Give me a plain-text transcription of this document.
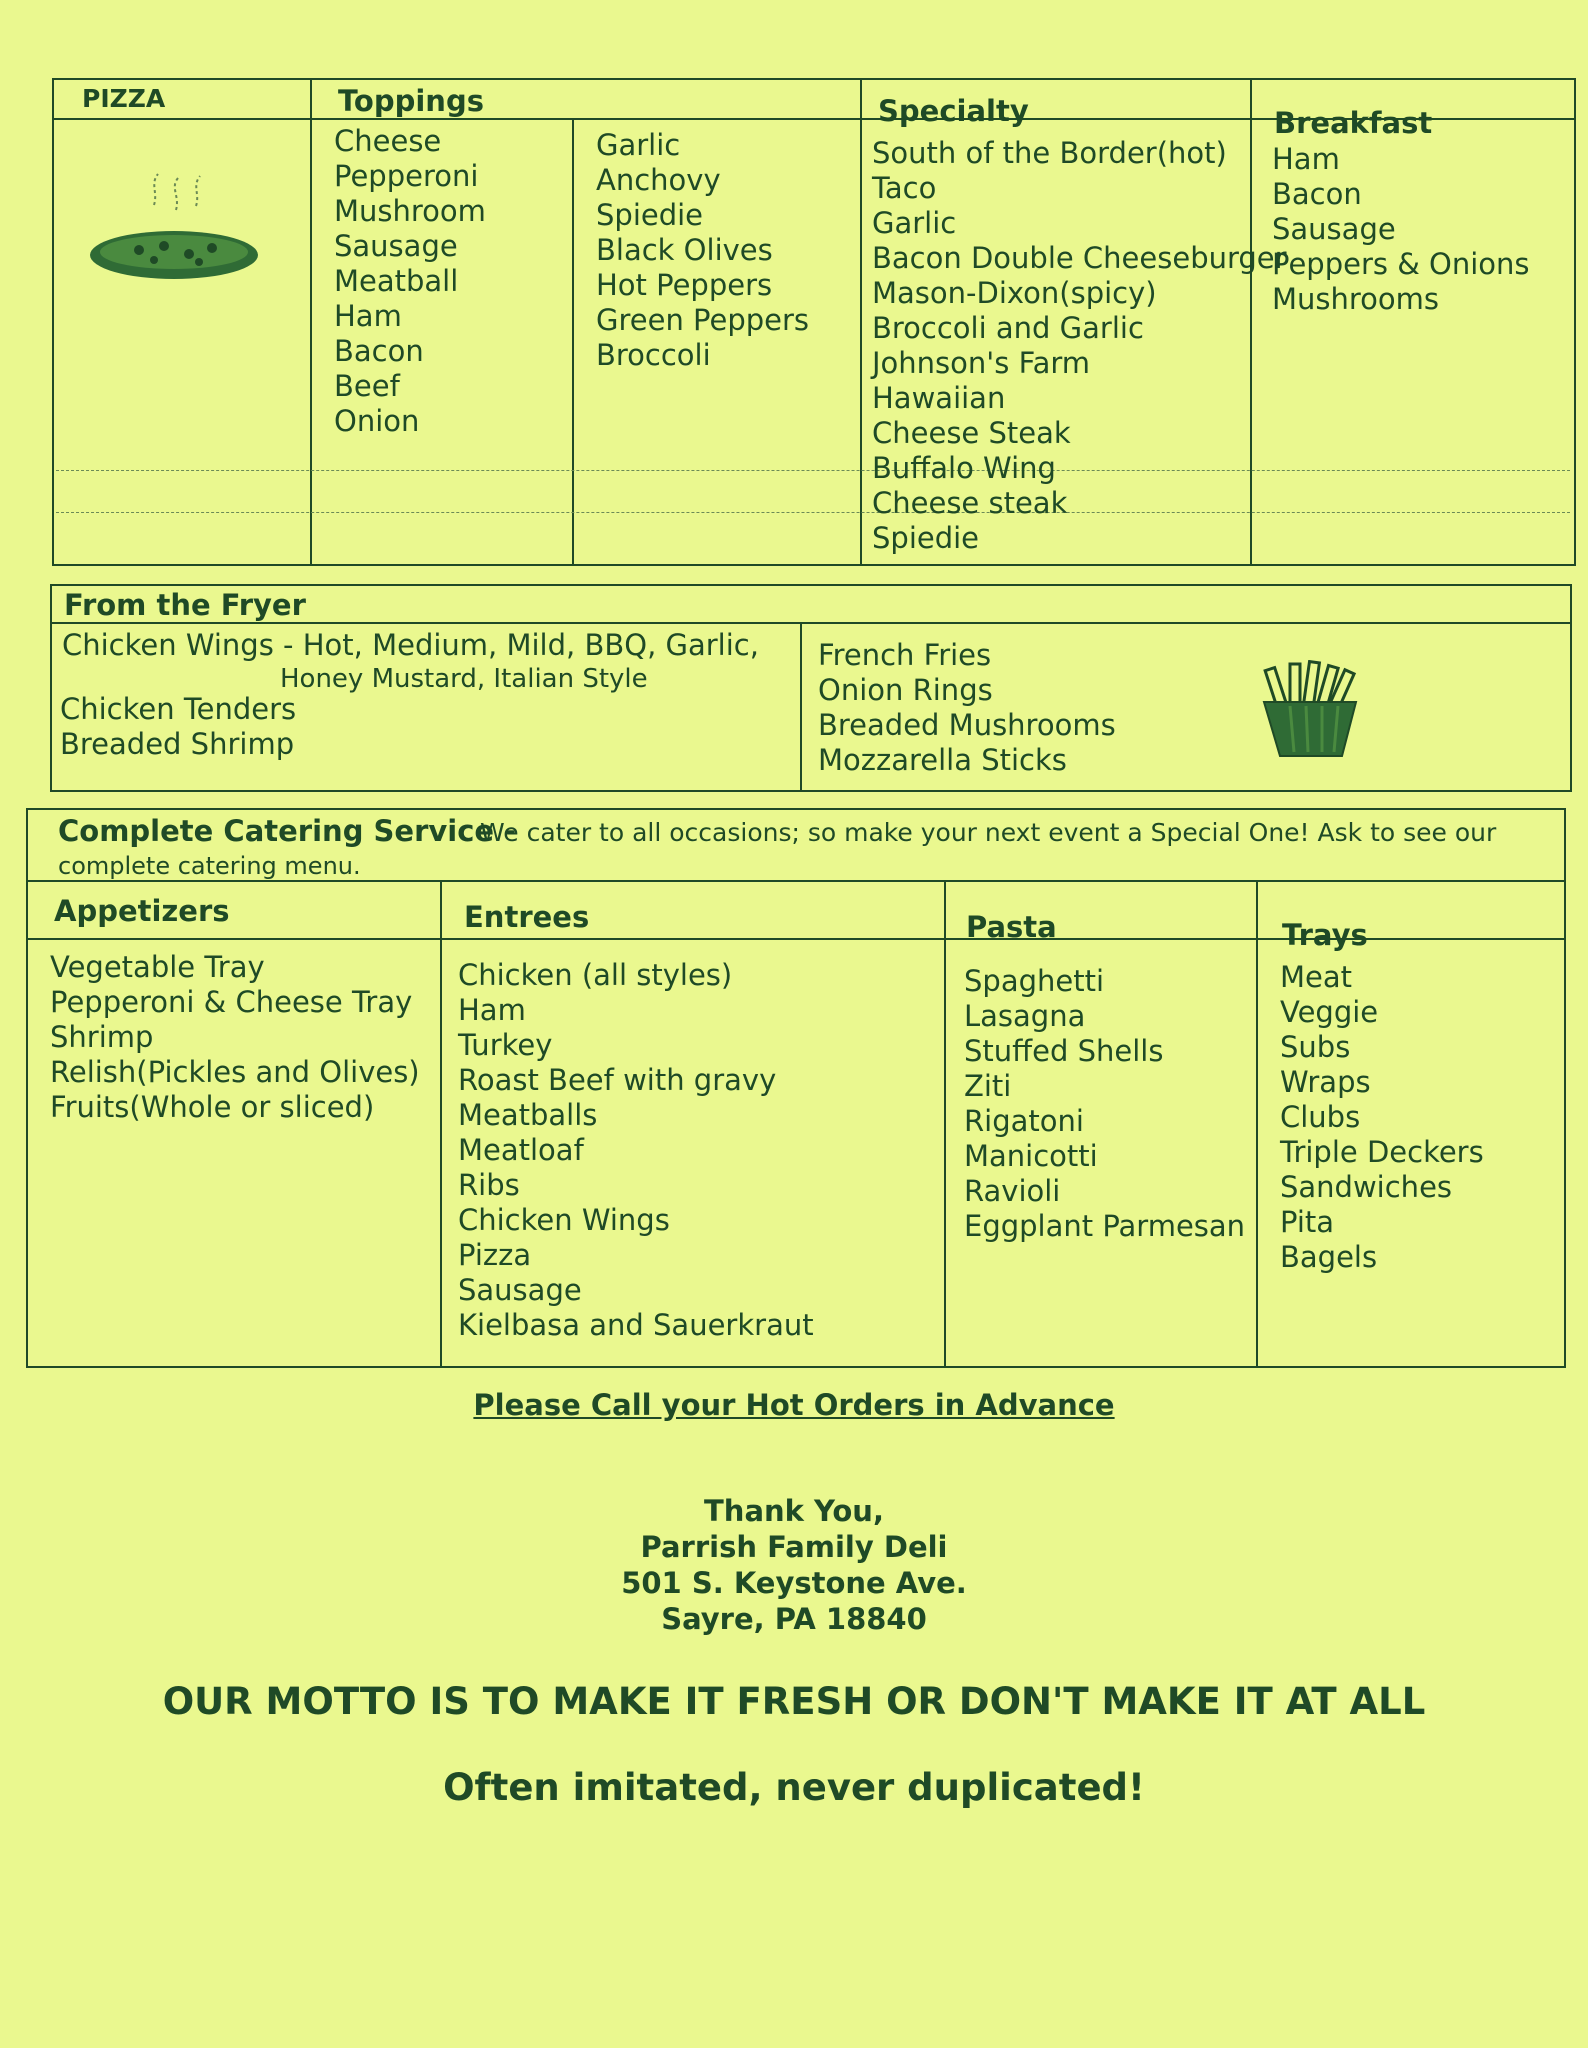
PIZZA	Toppings
Cheese
Pepperoni
Mushroom
Sausage
Meatball
Ham
Bacon
Beef
Onion
Garlic
Anchovy
Spiedie
Black Olives
Hot Peppers
Green Peppers
Broccoli
Specialty
South of the Border(hot)
Taco
Garlic
Bacon Double Cheeseburger
Mason-Dixon(spicy)
Broccoli and Garlic
Johnson's Farm
Hawaiian
Cheese Steak
Buffalo Wing
Cheese steak
Spiedie
Breakfast
Ham
Bacon
Sausage
Peppers & Onions
Mushrooms
From the Fryer
Chicken Wings - Hot, Medium, Mild, BBQ, Garlic,
Honey Mustard, Italian Style
Chicken Tenders
Breaded Shrimp
French Fries
Onion Rings
Breaded Mushrooms
Mozzarella Sticks
Complete Catering Service -
We cater to all occasions; so make your next event a Special One! Ask to see our
complete catering menu.
Appetizers
Vegetable Tray
Pepperoni & Cheese Tray
Shrimp
Relish(Pickles and Olives)
Fruits(Whole or sliced)
Entrees
Chicken (all styles)
Ham
Turkey
Roast Beef with gravy
Meatballs
Meatloaf
Ribs
Chicken Wings
Pizza
Sausage
Kielbasa and Sauerkraut
Pasta
Spaghetti
Lasagna
Stuffed Shells
Ziti
Rigatoni
Manicotti
Ravioli
Eggplant Parmesan
Trays
Meat
Veggie
Subs
Wraps
Clubs
Triple Deckers
Sandwiches
Pita
Bagels
Please Call your Hot Orders in Advance
Thank You,
Parrish Family Deli
501 S. Keystone Ave.
Sayre, PA 18840
OUR MOTTO IS TO MAKE IT FRESH OR DON'T MAKE IT AT ALL
Often imitated, never duplicated!
